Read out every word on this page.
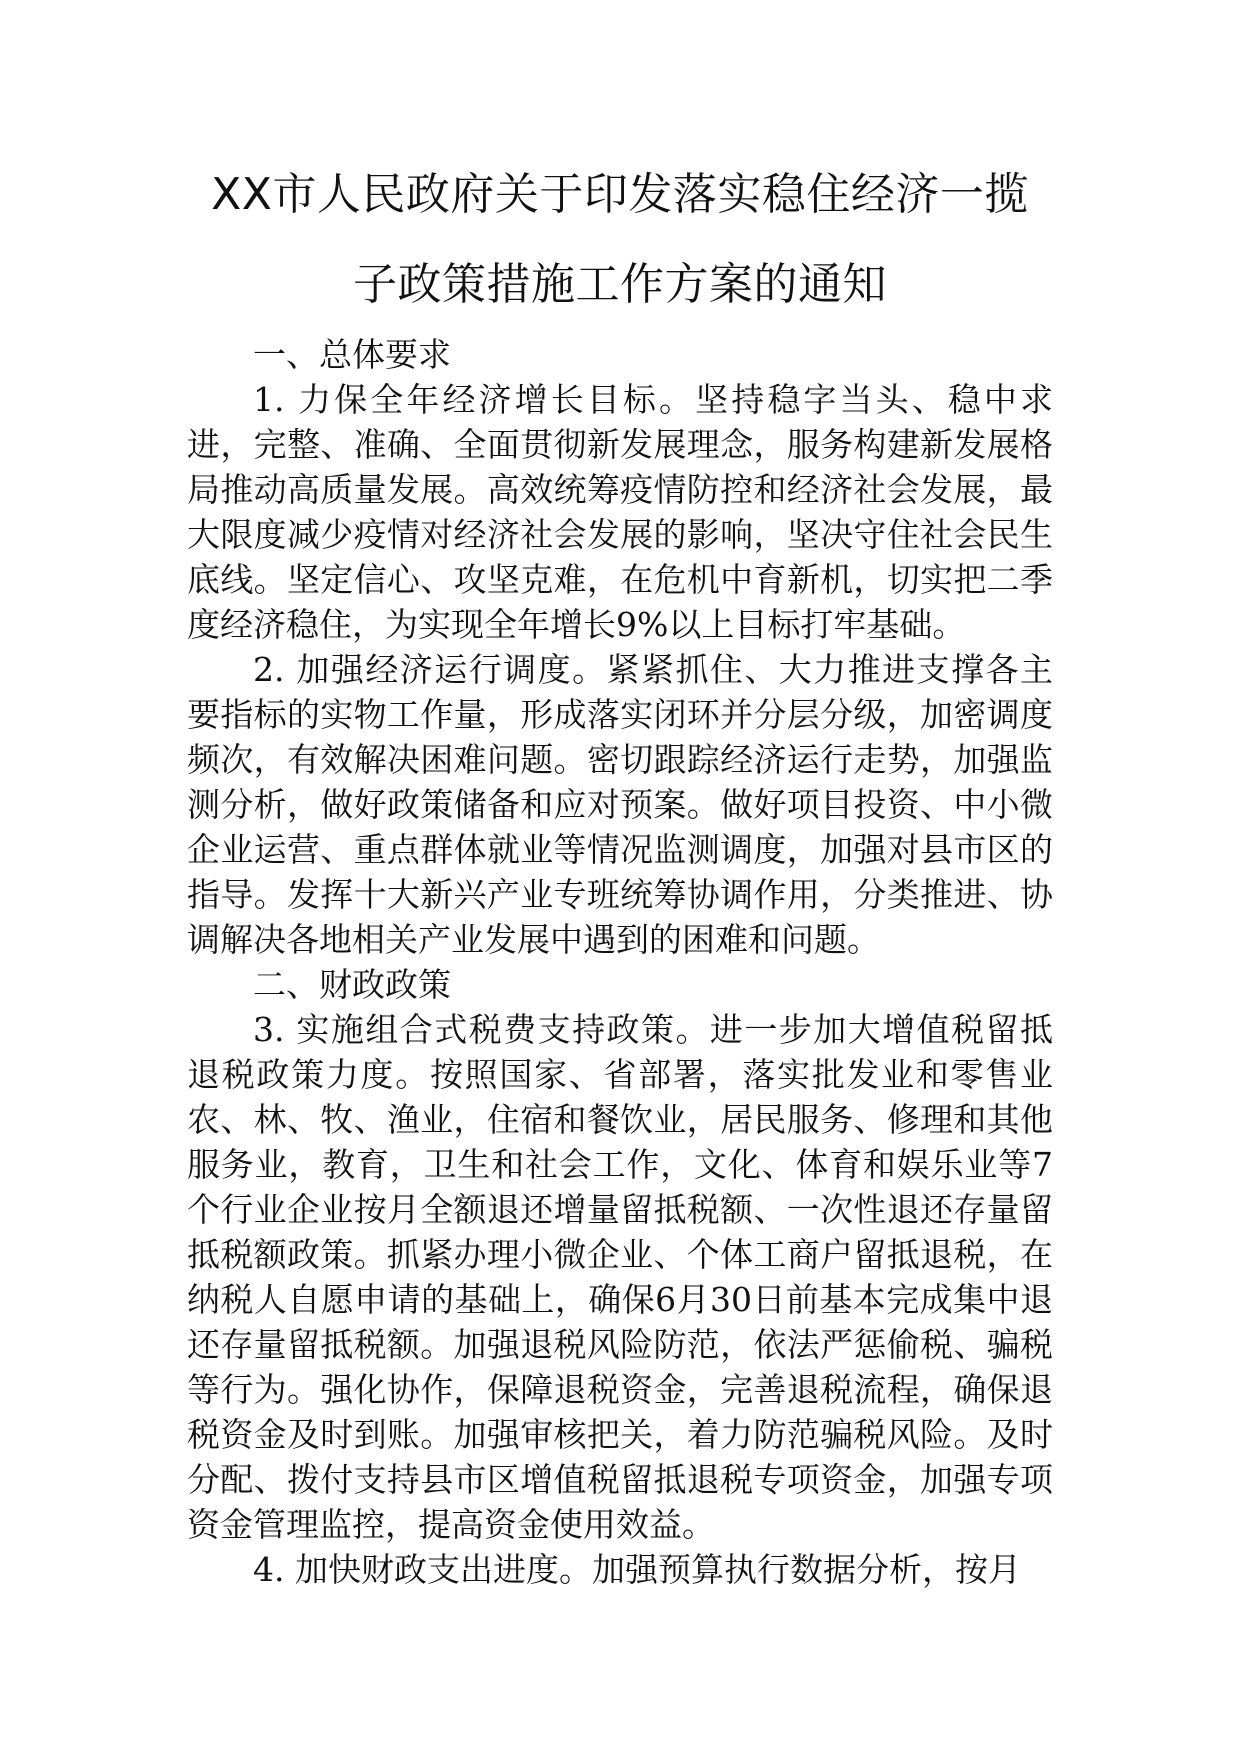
XX市人民政府关于印发落实稳住经济一揽
子政策措施工作方案的通知
一、总体要求

1. 力保全年经济增长目标。坚持稳字当头、稳中求进，完整、准确、全面贯彻新发展理念，服务构建新发展格局推动高质量发展。高效统筹疫情防控和经济社会发展，最大限度减少疫情对经济社会发展的影响，坚决守住社会民生底线。坚定信心、攻坚克难，在危机中育新机，切实把二季度经济稳住，为实现全年增长9%以上目标打牢基础。

2. 加强经济运行调度。紧紧抓住、大力推进支撑各主要指标的实物工作量，形成落实闭环并分层分级，加密调度频次，有效解决困难问题。密切跟踪经济运行走势，加强监测分析，做好政策储备和应对预案。做好项目投资、中小微企业运营、重点群体就业等情况监测调度，加强对县市区的指导。发挥十大新兴产业专班统筹协调作用，分类推进、协调解决各地相关产业发展中遇到的困难和问题。

二、财政政策

3. 实施组合式税费支持政策。进一步加大增值税留抵退税政策力度。按照国家、省部署，落实批发业和零售业农、林、牧、渔业，住宿和餐饮业，居民服务、修理和其他服务业，教育，卫生和社会工作，文化、体育和娱乐业等7个行业企业按月全额退还增量留抵税额、一次性退还存量留抵税额政策。抓紧办理小微企业、个体工商户留抵退税，在纳税人自愿申请的基础上，确保6月30日前基本完成集中退还存量留抵税额。加强退税风险防范，依法严惩偷税、骗税等行为。强化协作，保障退税资金，完善退税流程，确保退税资金及时到账。加强审核把关，着力防范骗税风险。及时分配、拨付支持县市区增值税留抵退税专项资金，加强专项资金管理监控，提高资金使用效益。

4. 加快财政支出进度。加强预算执行数据分析，按月
